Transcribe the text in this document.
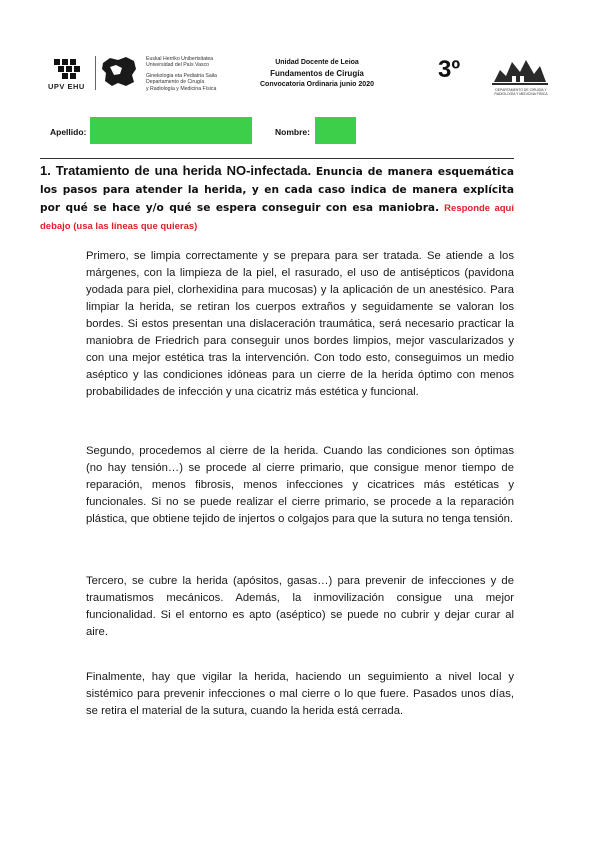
UPV EHU
Euskal Herriko Unibertsitatea
Universidad del País Vasco
Ginekologia eta Pediatria Saila
Departamento de Cirugía
y Radiología y Medicina Física
Unidad Docente de Leioa
Fundamentos de Cirugía
Convocatoria Ordinaria junio 2020
3º
DEPARTAMENTO DE CIRUGÍA Y RADIOLOGÍA Y MEDICINA FÍSICA
Apellido:	Nombre:
1. Tratamiento de una herida NO-infectada. Enuncia de manera esquemática los pasos para atender la herida, y en cada caso indica de manera explícita por qué se hace y/o qué se espera conseguir con esa maniobra. Responde aquí debajo (usa las líneas que quieras)
Primero, se limpia correctamente y se prepara para ser tratada. Se atiende a los márgenes, con la limpieza de la piel, el rasurado, el uso de antisépticos (pavidona yodada para piel, clorhexidina para mucosas) y la aplicación de un anestésico. Para limpiar la herida, se retiran los cuerpos extraños y seguidamente se valoran los bordes. Si estos presentan una dislaceración traumática, será necesario practicar la maniobra de Friedrich para conseguir unos bordes limpios, mejor vascularizados y con una mejor estética tras la intervención. Con todo esto, conseguimos un medio aséptico y las condiciones idóneas para un cierre de la herida óptimo con menos probabilidades de infección y una cicatriz más estética y funcional.
Segundo, procedemos al cierre de la herida. Cuando las condiciones son óptimas (no hay tensión…) se procede al cierre primario, que consigue menor tiempo de reparación, menos fibrosis, menos infecciones y cicatrices más estéticas y funcionales. Si no se puede realizar el cierre primario, se procede a la reparación plástica, que obtiene tejido de injertos o colgajos para que la sutura no tenga tensión.
Tercero, se cubre la herida (apósitos, gasas…) para prevenir de infecciones y de traumatismos mecánicos. Además, la inmovilización consigue una mejor funcionalidad. Si el entorno es apto (aséptico) se puede no cubrir y dejar curar al aire.
Finalmente, hay que vigilar la herida, haciendo un seguimiento a nivel local y sistémico para prevenir infecciones o mal cierre o lo que fuere. Pasados unos días, se retira el material de la sutura, cuando la herida está cerrada.
